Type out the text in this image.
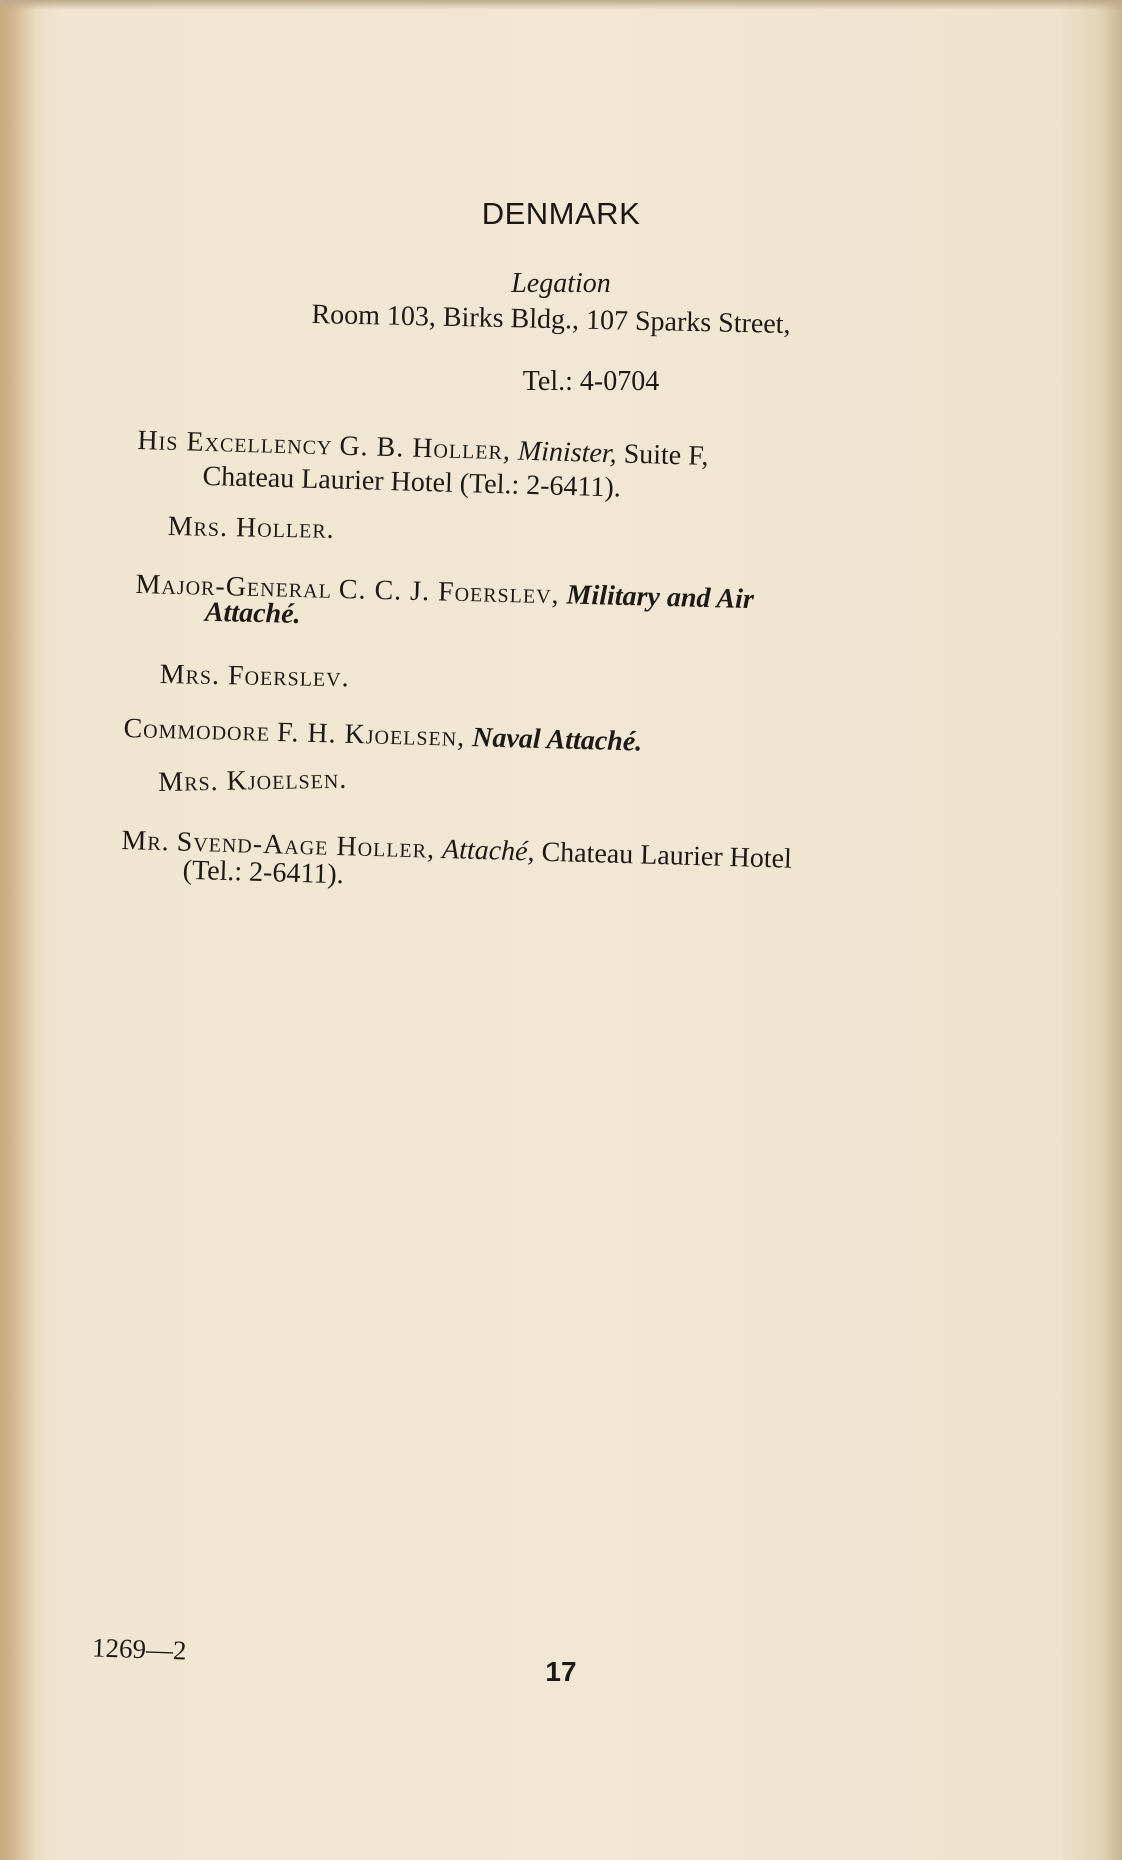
DENMARK
Legation
Room 103, Birks Bldg., 107 Sparks Street,
Tel.: 4-0704
His Excellency G. B. Holler, Minister, Suite F,
Chateau Laurier Hotel (Tel.: 2-6411).
Mrs. Holler.
Major-General C. C. J. Foerslev, Military and Air
Attaché.
Mrs. Foerslev.
Commodore F. H. Kjoelsen, Naval Attaché.
Mrs. Kjoelsen.
Mr. Svend-Aage Holler, Attaché, Chateau Laurier Hotel
(Tel.: 2-6411).
1269—2
17
